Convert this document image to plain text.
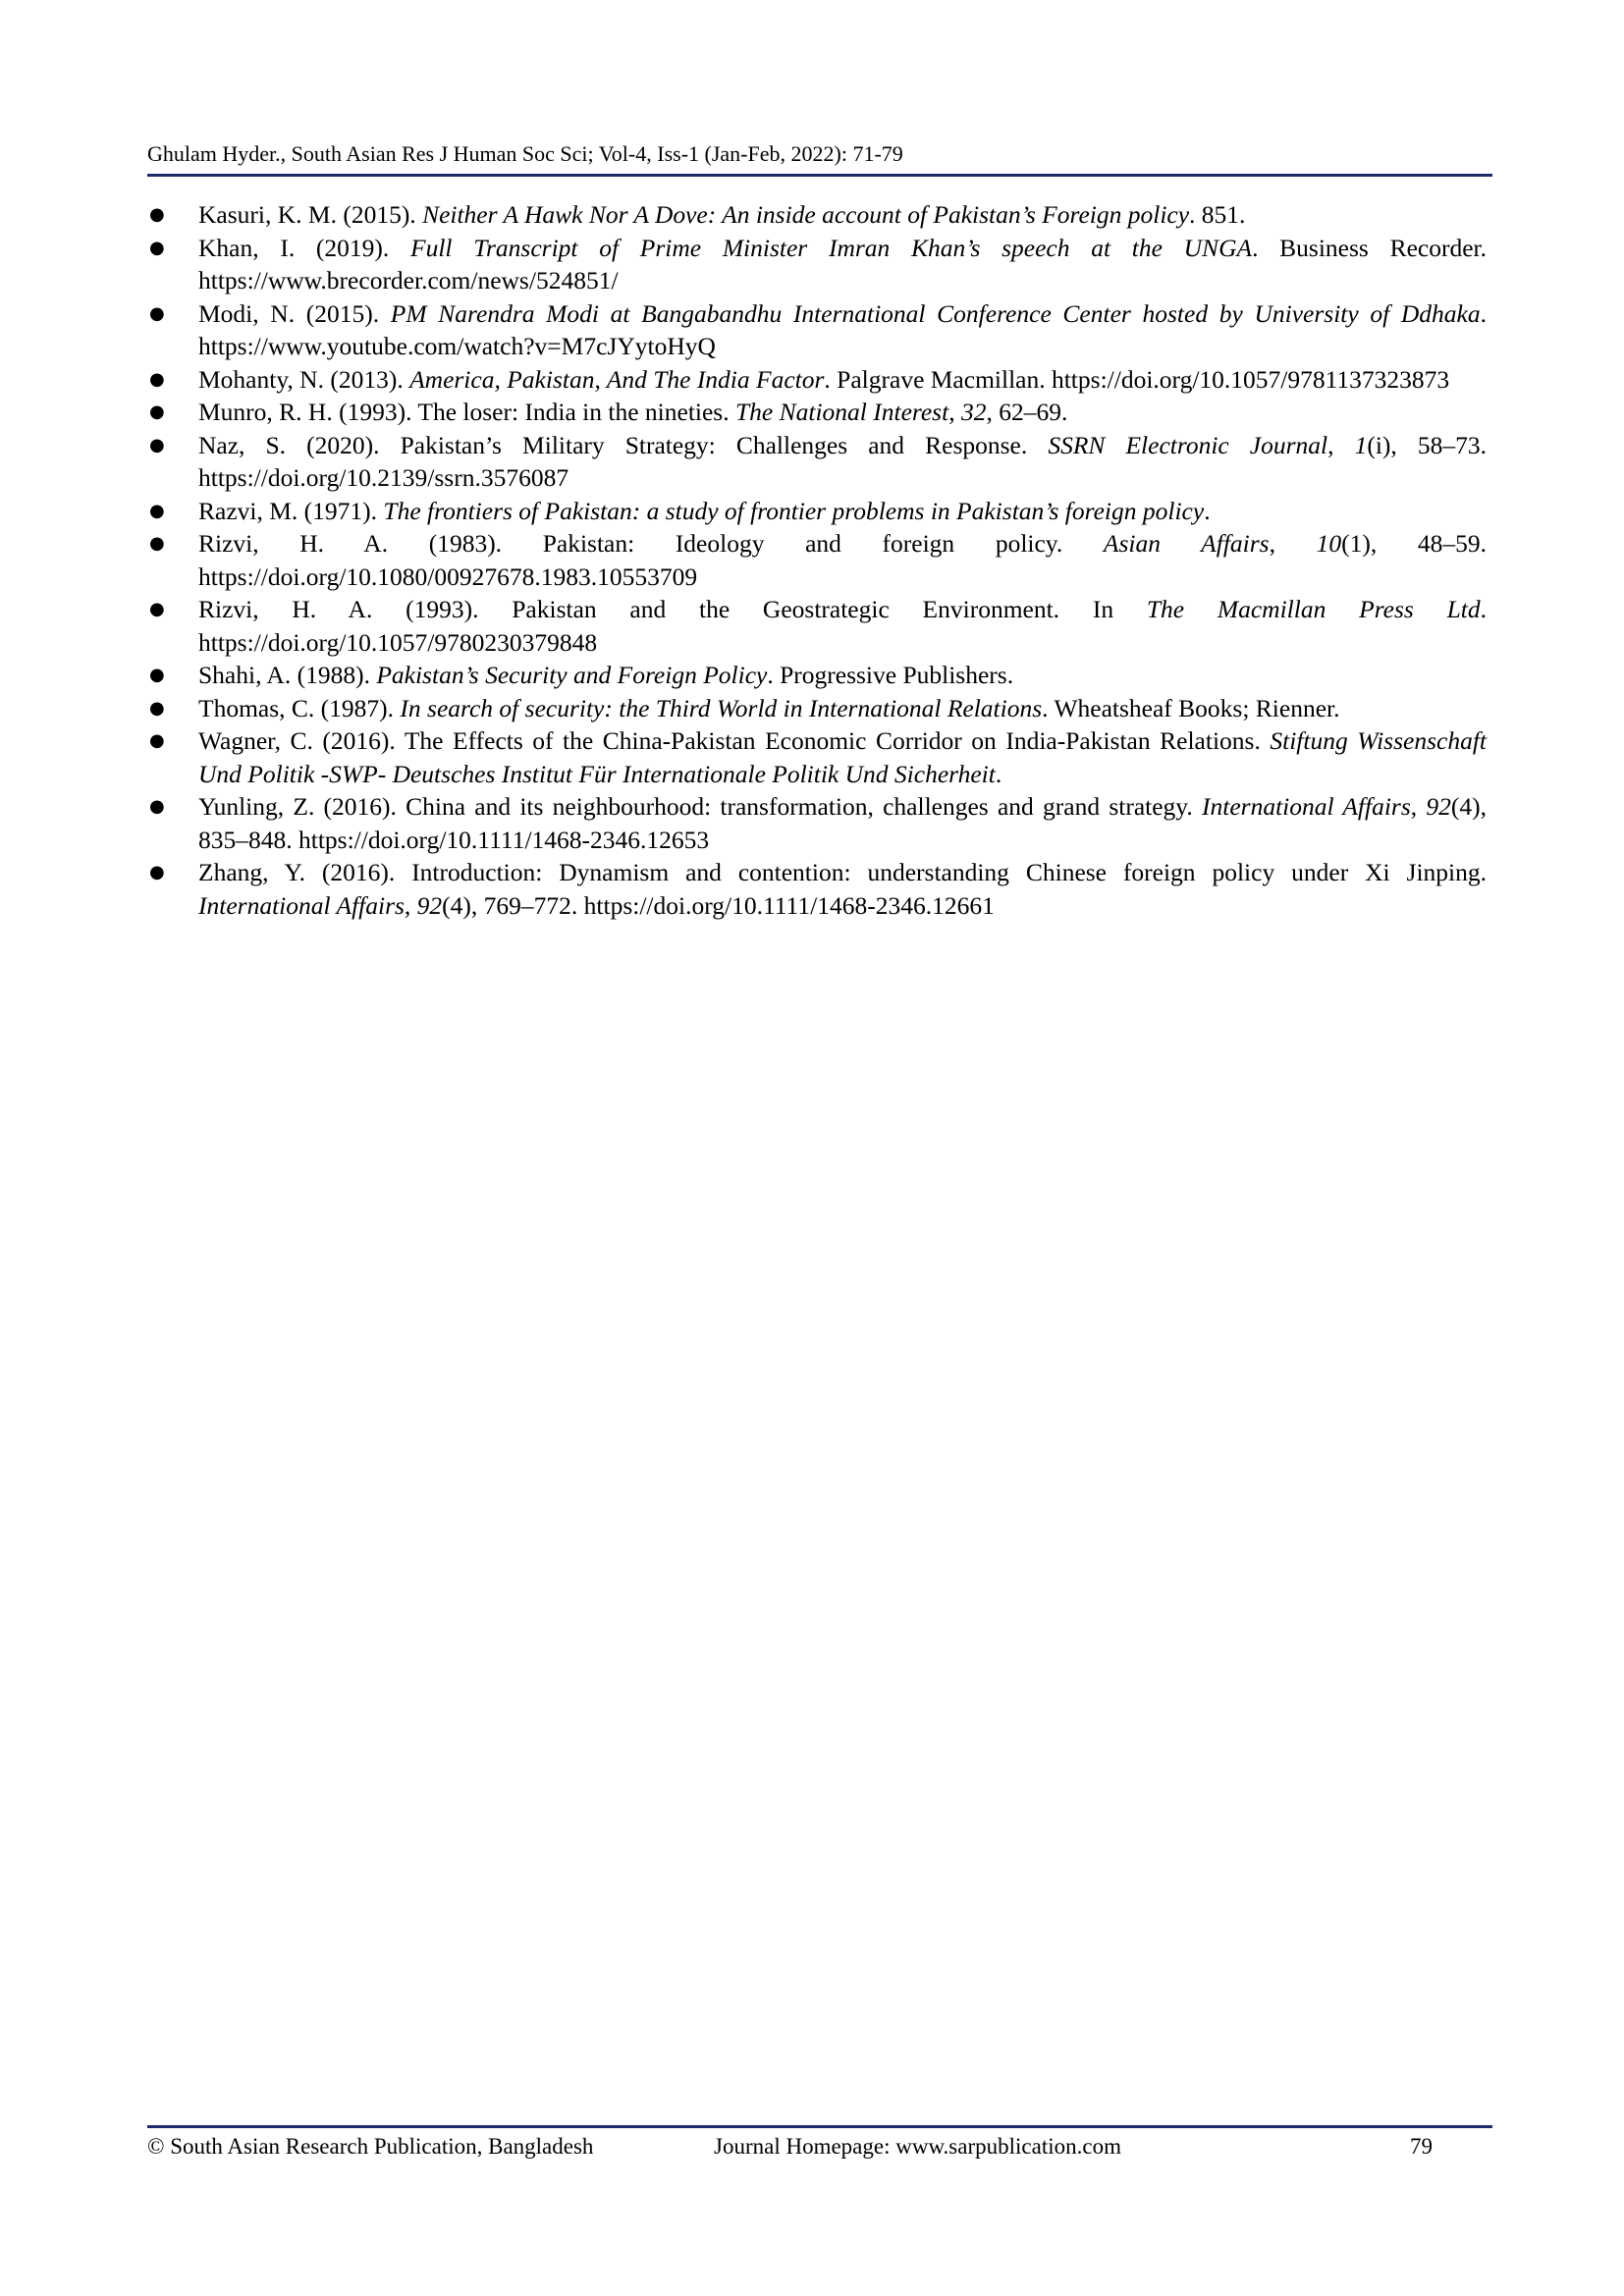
Ghulam Hyder., South Asian Res J Human Soc Sci; Vol-4, Iss-1 (Jan-Feb, 2022): 71-79
● Kasuri, K. M. (2015). Neither A Hawk Nor A Dove: An inside account of Pakistan’s Foreign policy. 851.
● Khan, I. (2019). Full Transcript of Prime Minister Imran Khan’s speech at the UNGA. Business Recorder. https://www.brecorder.com/news/524851/
● Modi, N. (2015). PM Narendra Modi at Bangabandhu International Conference Center hosted by University of Ddhaka. https://www.youtube.com/watch?v=M7cJYytoHyQ
● Mohanty, N. (2013). America, Pakistan, And The India Factor. Palgrave Macmillan. https://doi.org/10.1057/9781137323873
● Munro, R. H. (1993). The loser: India in the nineties. The National Interest, 32, 62–69.
● Naz, S. (2020). Pakistan’s Military Strategy: Challenges and Response. SSRN Electronic Journal, 1(i), 58–73. https://doi.org/10.2139/ssrn.3576087
● Razvi, M. (1971). The frontiers of Pakistan: a study of frontier problems in Pakistan’s foreign policy.
● Rizvi, H. A. (1983). Pakistan: Ideology and foreign policy. Asian Affairs, 10(1), 48–59. https://doi.org/10.1080/00927678.1983.10553709
● Rizvi, H. A. (1993). Pakistan and the Geostrategic Environment. In The Macmillan Press Ltd. https://doi.org/10.1057/9780230379848
● Shahi, A. (1988). Pakistan’s Security and Foreign Policy. Progressive Publishers.
● Thomas, C. (1987). In search of security: the Third World in International Relations. Wheatsheaf Books; Rienner.
● Wagner, C. (2016). The Effects of the China-Pakistan Economic Corridor on India-Pakistan Relations. Stiftung Wissenschaft Und Politik -SWP- Deutsches Institut Für Internationale Politik Und Sicherheit.
● Yunling, Z. (2016). China and its neighbourhood: transformation, challenges and grand strategy. International Affairs, 92(4), 835–848. https://doi.org/10.1111/1468-2346.12653
● Zhang, Y. (2016). Introduction: Dynamism and contention: understanding Chinese foreign policy under Xi Jinping. International Affairs, 92(4), 769–772. https://doi.org/10.1111/1468-2346.12661
© South Asian Research Publication, Bangladesh	Journal Homepage: www.sarpublication.com	79
